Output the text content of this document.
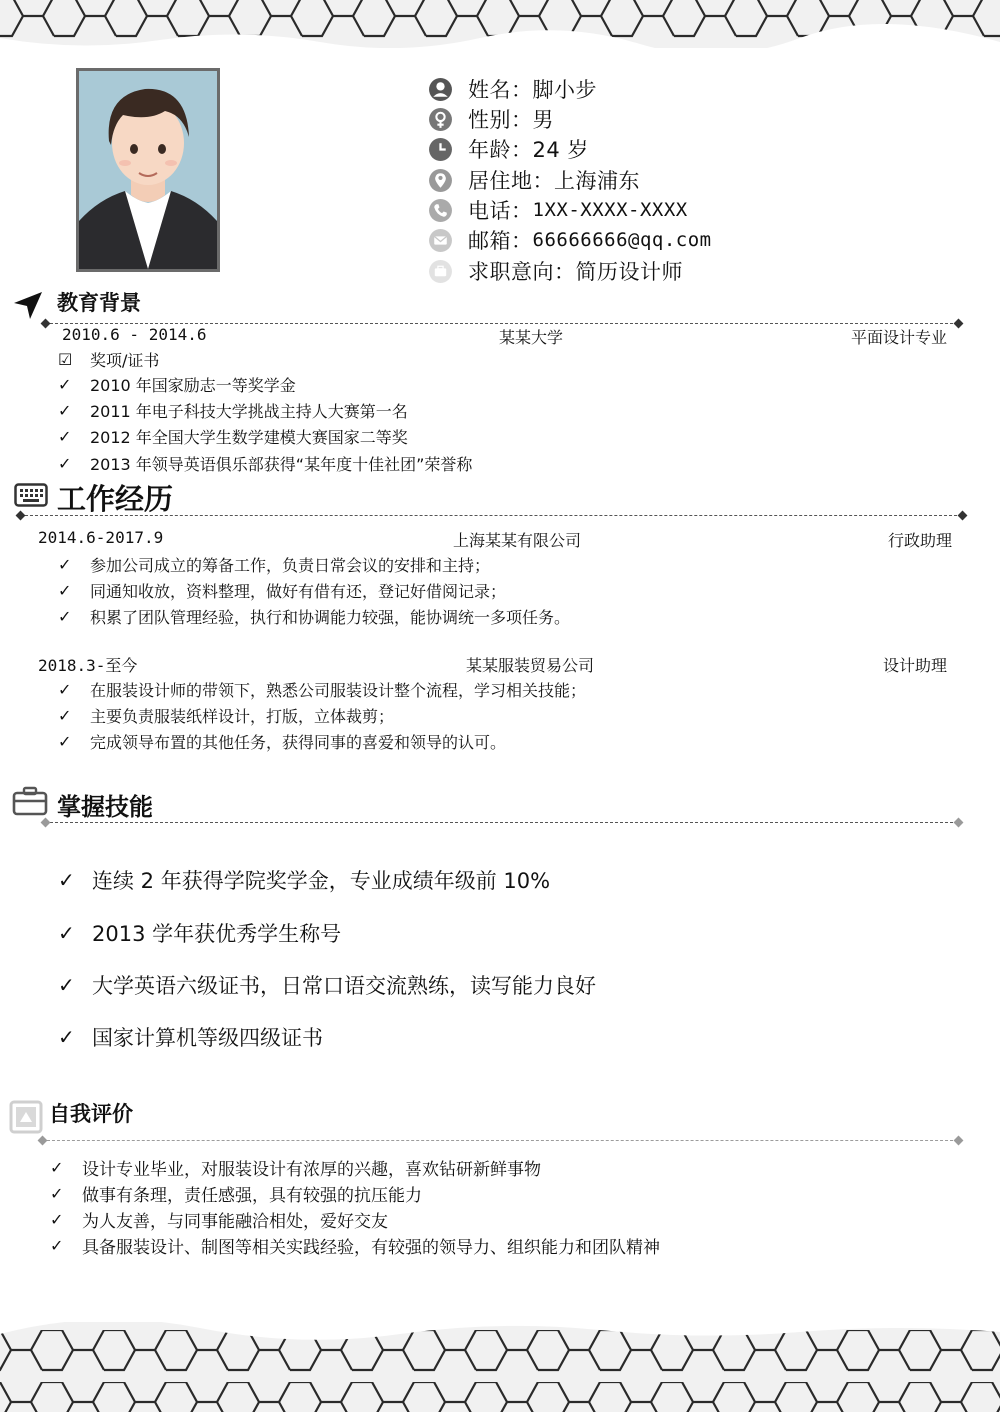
姓名：脚小步
性别：男
年龄：24 岁
居住地：上海浦东
电话： 1XX-XXXX-XXXX
邮箱： 66666666@qq.com
求职意向：简历设计师
教育背景
2010.6 - 2014.6	某某大学	平面设计专业
☑	奖项/证书
✓	2010 年国家励志一等奖学金
✓	2011 年电子科技大学挑战主持人大赛第一名
✓	2012 年全国大学生数学建模大赛国家二等奖
✓	2013 年领导英语俱乐部获得“某年度十佳社团”荣誉称
工作经历
2014.6-2017.9	上海某某有限公司	行政助理
✓	参加公司成立的筹备工作，负责日常会议的安排和主持；
✓	同通知收放，资料整理，做好有借有还，登记好借阅记录；
✓	积累了团队管理经验，执行和协调能力较强，能协调统一多项任务。
2018.3-至今	某某服装贸易公司	设计助理
✓	在服装设计师的带领下，熟悉公司服装设计整个流程，学习相关技能；
✓	主要负责服装纸样设计，打版，立体裁剪；
✓	完成领导布置的其他任务，获得同事的喜爱和领导的认可。
掌握技能
✓ 连续 2 年获得学院奖学金，专业成绩年级前 10%
✓ 2013 学年获优秀学生称号
✓ 大学英语六级证书，日常口语交流熟练，读写能力良好
✓ 国家计算机等级四级证书
自我评价
✓	设计专业毕业，对服装设计有浓厚的兴趣，喜欢钻研新鲜事物
✓	做事有条理，责任感强，具有较强的抗压能力
✓	为人友善，与同事能融洽相处，爱好交友
✓	具备服装设计、制图等相关实践经验，有较强的领导力、组织能力和团队精神
